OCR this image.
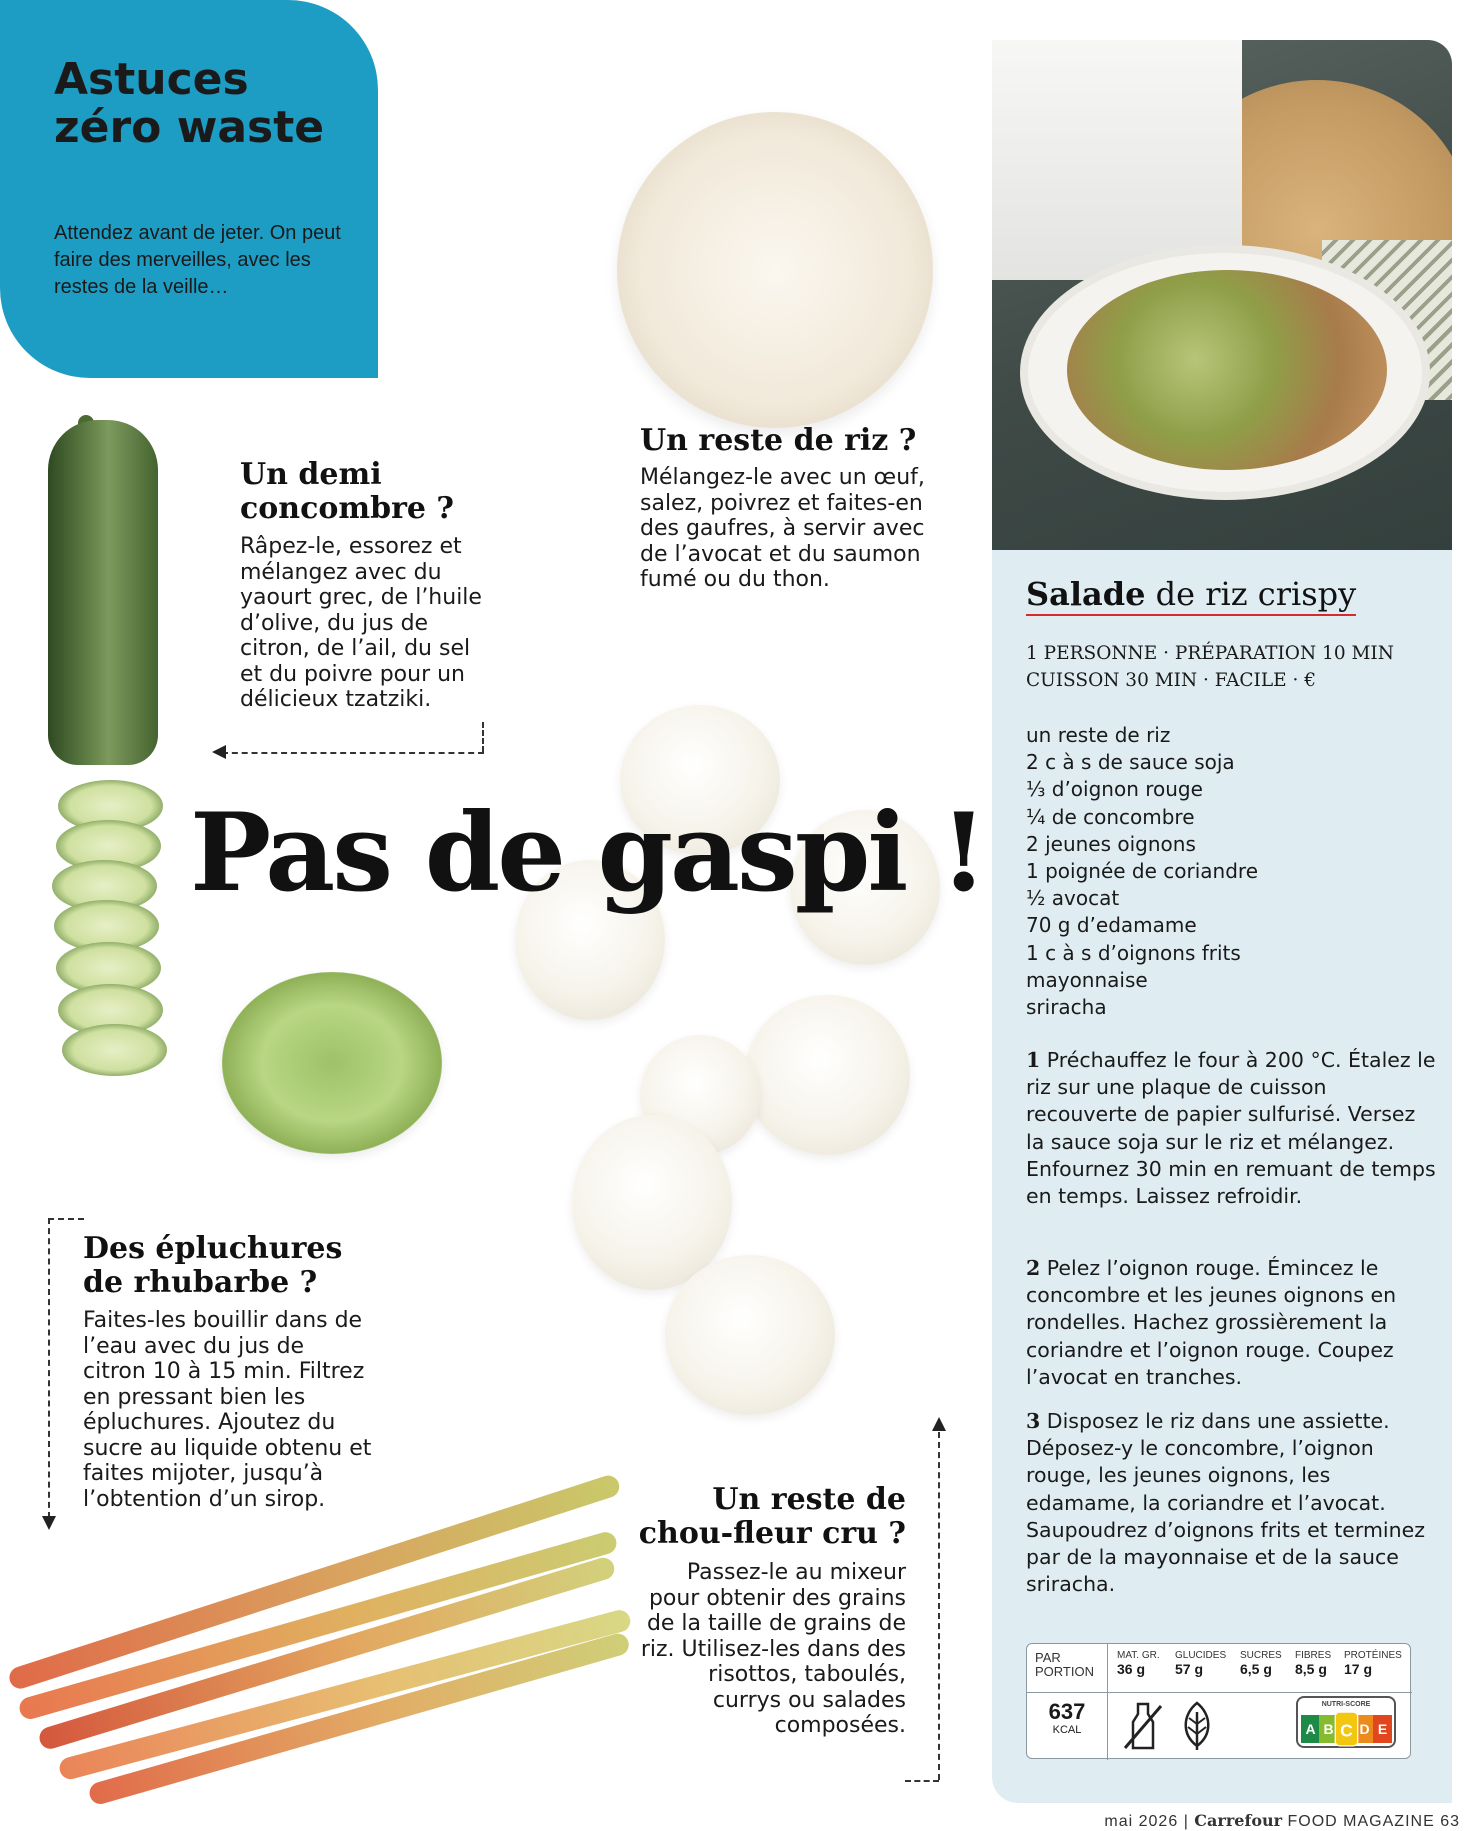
Astuces
zéro waste
Attendez avant de jeter. On peut faire des merveilles, avec les restes de la veille…
Pas de gaspi !
Un demi
concombre ?
Râpez-le, essorez et mélangez avec du yaourt grec, de l’huile d’olive, du jus de citron, de l’ail, du sel et du poivre pour un délicieux tzatziki.
Un reste de riz ?
Mélangez-le avec un œuf, salez, poivrez et faites-en des gaufres, à servir avec de l’avocat et du saumon fumé ou du thon.
Des épluchures
de rhubarbe ?
Faites-les bouillir dans de l’eau avec du jus de citron 10 à 15 min. Filtrez en pressant bien les épluchures. Ajoutez du sucre au liquide obtenu et faites mijoter, jusqu’à l’obtention d’un sirop.	Un reste de
chou-fleur cru ?
Passez-le au mixeur pour obtenir des grains de la taille de grains de riz. Utilisez-les dans des risottos, taboulés, currys ou salades composées.
Salade de riz crispy
1 PERSONNE · PRÉPARATION 10 MIN
CUISSON 30 MIN · FACILE · €
un reste de riz
2 c à s de sauce soja
⅓ d’oignon rouge
¼ de concombre
2 jeunes oignons
1 poignée de coriandre
½ avocat
70 g d’edamame
1 c à s d’oignons frits
mayonnaise
sriracha
1 Préchauffez le four à 200 °C. Étalez le riz sur une plaque de cuisson recouverte de papier sulfurisé. Versez la sauce soja sur le riz et mélangez. Enfournez 30 min en remuant de temps en temps. Laissez refroidir.
2 Pelez l’oignon rouge. Émincez le concombre et les jeunes oignons en rondelles. Hachez grossièrement la coriandre et l’oignon rouge. Coupez l’avocat en tranches.
3 Disposez le riz dans une assiette. Déposez-y le concombre, l’oignon rouge, les jeunes oignons, les edamame, la coriandre et l’avocat. Saupoudrez d’oignons frits et terminez par de la mayonnaise et de la sauce sriracha.
PAR PORTION
MAT. GR.
36 g
GLUCIDES
57 g
SUCRES
6,5 g
FIBRES
8,5 g
PROTÉINES
17 g
637
KCAL
NUTRI-SCORE
A B C D E
mai 2026 | Carrefour FOOD MAGAZINE 63
